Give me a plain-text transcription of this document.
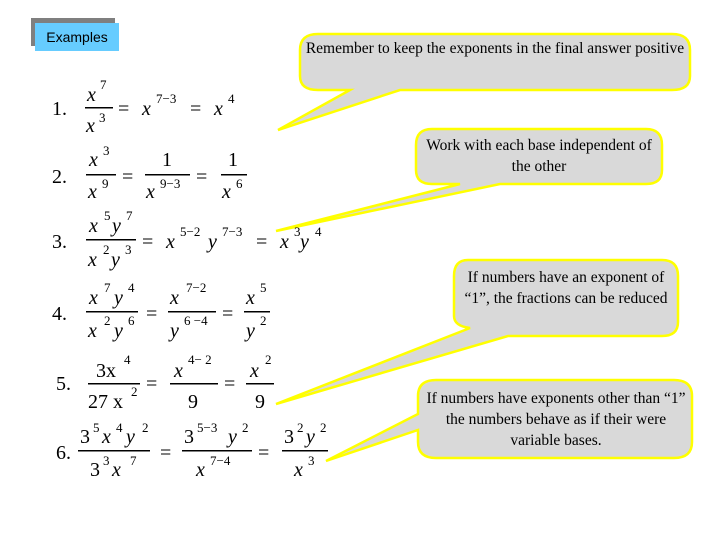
Examples
Remember to keep the exponents in the final answer positive
Work with each base independent of the other
If numbers have an exponent of “1”, the fractions can be reduced
If numbers have exponents other than “1” the numbers behave as if their were variable bases.
1.
x 7
x 3 = x 7−3 = x 4
2.
x 3
x 9 =
1
x 9−3 =
1
x 6
3.
x 5 y 7
x 2 y 3 = x 5−2 y 7−3 = x 3 y 4
4.
x 7 y 4
x 2 y 6 =
x 7−2
y 6 −4 =
x 5
y 2
5.
3x
4
27 x 2 =
x
4− 2
9
=
x
2
9
6.
3 5 x 4 y 2
3 3 x 7 =
3 5−3 y 2
x 7−4 =
3 2 y 2
x 3
